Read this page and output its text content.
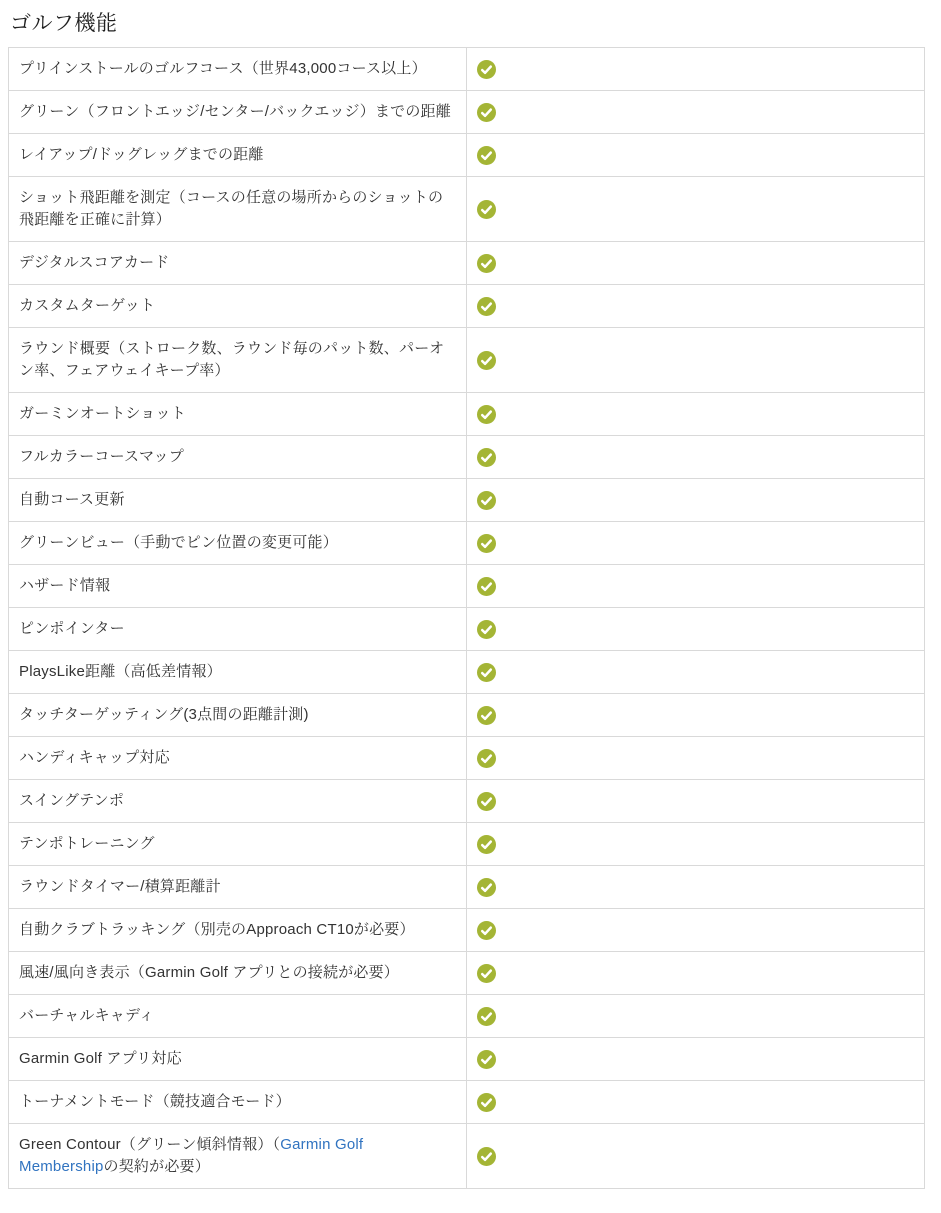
ゴルフ機能
プリインストールのゴルフコース（世界43,000コース以上）	

グリーン（フロントエッジ/センター/バックエッジ）までの距離	

レイアップ/ドッグレッグまでの距離	

ショット飛距離を測定（コースの任意の場所からのショットの飛距離を正確に計算）	

デジタルスコアカード	

カスタムターゲット	

ラウンド概要（ストローク数、ラウンド毎のパット数、パーオン率、フェアウェイキープ率）	

ガーミンオートショット	

フルカラーコースマップ	

自動コース更新	

グリーンビュー（手動でピン位置の変更可能）	

ハザード情報	

ピンポインター	

PlaysLike距離（高低差情報）	

タッチターゲッティング(3点間の距離計測)	

ハンディキャップ対応	

スイングテンポ	

テンポトレーニング	

ラウンドタイマー/積算距離計	

自動クラブトラッキング（別売のApproach CT10が必要）	

風速/風向き表示（Garmin Golf アプリとの接続が必要）	

バーチャルキャディ	

Garmin Golf アプリ対応	

トーナメントモード（競技適合モード）	

Green Contour（グリーン傾斜情報）（Garmin Golf Membershipの契約が必要）	
